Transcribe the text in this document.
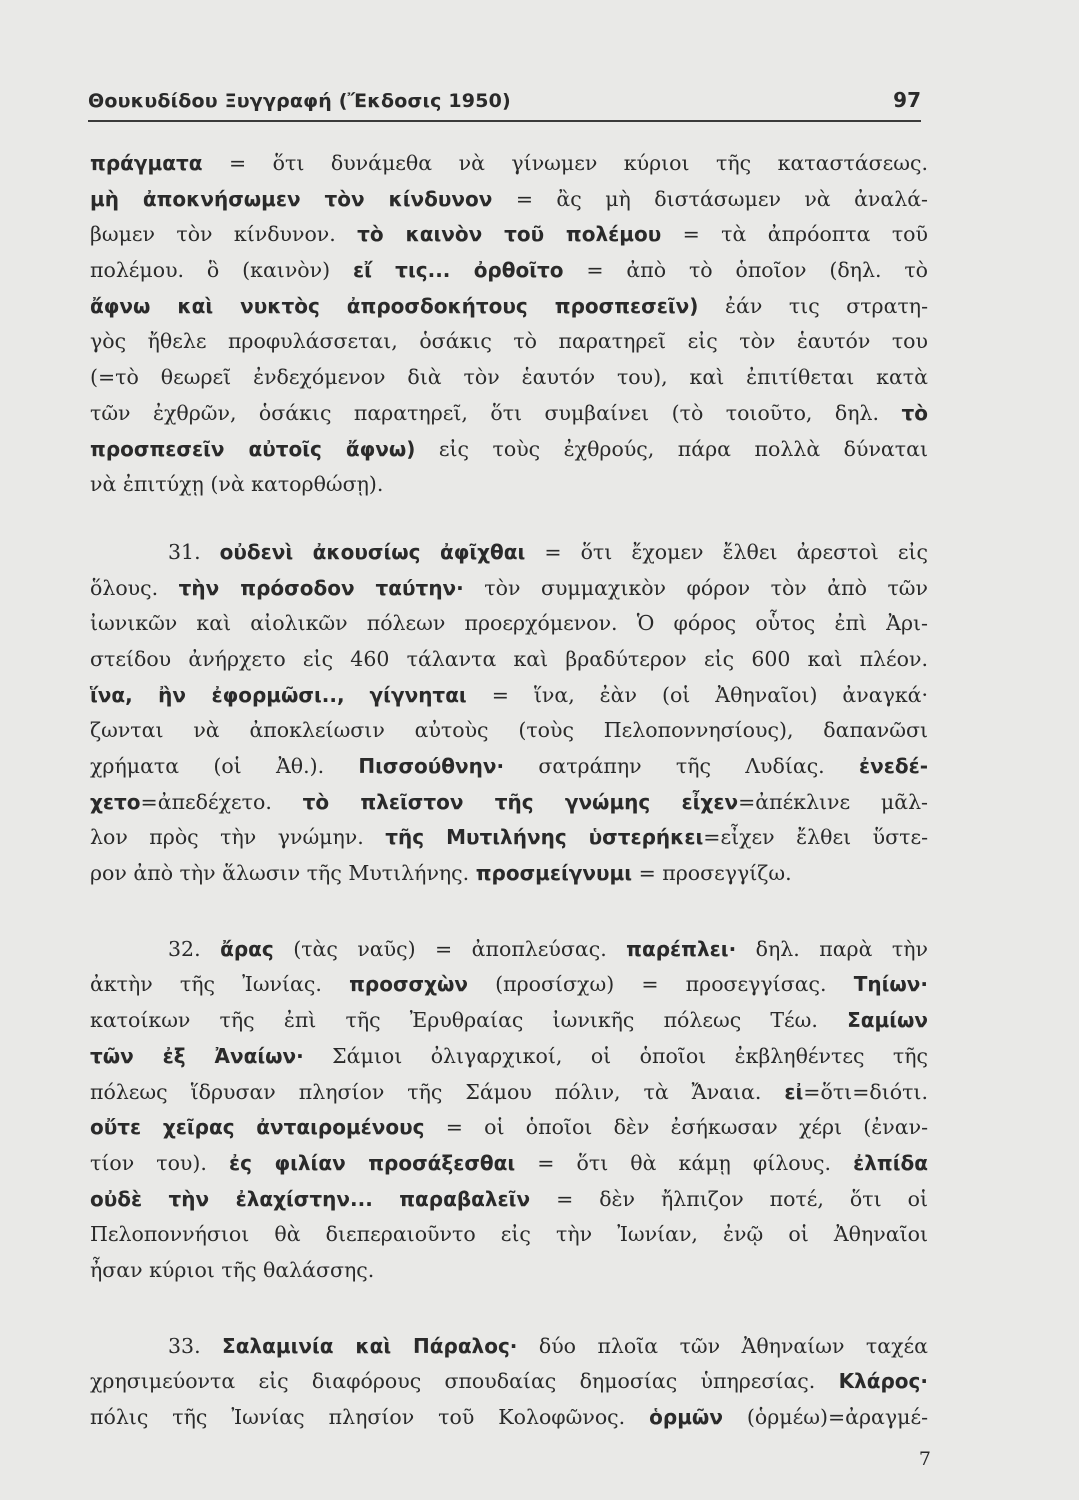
Θουκυδίδου Ξυγγραφή (Ἔκδοσις 1950)	97
πράγματα = ὅτι δυνάμεθα νὰ γίνωμεν κύριοι τῆς καταστάσεως.
μὴ ἀποκνήσωμεν τὸν κίνδυνον = ἂς μὴ διστάσωμεν νὰ ἀναλά-
βωμεν τὸν κίνδυνον. τὸ καινὸν τοῦ πολέμου = τὰ ἀπρόοπτα τοῦ
πολέμου. ὃ (καινὸν) εἴ τις... ὀρθοῖτο = ἀπὸ τὸ ὁποῖον (δηλ. τὸ
ἄφνω καὶ νυκτὸς ἀπροσδοκήτους προσπεσεῖν) ἐάν τις στρατη-
γὸς ἤθελε προφυλάσσεται, ὁσάκις τὸ παρατηρεῖ εἰς τὸν ἑαυτόν του
(=τὸ θεωρεῖ ἐνδεχόμενον διὰ τὸν ἑαυτόν του), καὶ ἐπιτίθεται κατὰ
τῶν ἐχθρῶν, ὁσάκις παρατηρεῖ, ὅτι συμβαίνει (τὸ τοιοῦτο, δηλ. τὸ
προσπεσεῖν αὐτοῖς ἄφνω) εἰς τοὺς ἐχθρούς, πάρα πολλὰ δύναται
νὰ ἐπιτύχῃ (νὰ κατορθώσῃ).
31. οὐδενὶ ἀκουσίως ἀφῖχθαι = ὅτι ἔχομεν ἔλθει ἀρεστοὶ εἰς
ὅλους. τὴν πρόσοδον ταύτην· τὸν συμμαχικὸν φόρον τὸν ἀπὸ τῶν
ἰωνικῶν καὶ αἰολικῶν πόλεων προερχόμενον. Ὁ φόρος οὗτος ἐπὶ Ἀρι-
στείδου ἀνήρχετο εἰς 460 τάλαντα καὶ βραδύτερον εἰς 600 καὶ πλέον.
ἵνα, ἢν ἐφορμῶσι.., γίγνηται = ἵνα, ἐὰν (οἱ Ἀθηναῖοι) ἀναγκά·
ζωνται νὰ ἀποκλείωσιν αὐτοὺς (τοὺς Πελοποννησίους), δαπανῶσι
χρήματα (οἱ Ἀθ.). Πισσούθνην· σατράπην τῆς Λυδίας. ἐνεδέ-
χετο=ἀπεδέχετο. τὸ πλεῖστον τῆς γνώμης εἶχεν=ἀπέκλινε μᾶλ-
λον πρὸς τὴν γνώμην. τῆς Μυτιλήνης ὑστερήκει=εἶχεν ἔλθει ὕστε-
ρον ἀπὸ τὴν ἅλωσιν τῆς Μυτιλήνης. προσμείγνυμι = προσεγγίζω.
32. ἄρας (τὰς ναῦς) = ἀποπλεύσας. παρέπλει· δηλ. παρὰ τὴν
ἀκτὴν τῆς Ἰωνίας. προσσχὼν (προσίσχω) = προσεγγίσας. Τηίων·
κατοίκων τῆς ἐπὶ τῆς Ἐρυθραίας ἰωνικῆς πόλεως Τέω. Σαμίων
τῶν ἐξ Ἀναίων· Σάμιοι ὀλιγαρχικοί, οἱ ὁποῖοι ἐκβληθέντες τῆς
πόλεως ἵδρυσαν πλησίον τῆς Σάμου πόλιν, τὰ Ἄναια. εἰ=ὅτι=διότι.
οὔτε χεῖρας ἀνταιρομένους = οἱ ὁποῖοι δὲν ἐσήκωσαν χέρι (ἐναν-
τίον του). ἐς φιλίαν προσάξεσθαι = ὅτι θὰ κάμῃ φίλους. ἐλπίδα
οὐδὲ τὴν ἐλαχίστην... παραβαλεῖν = δὲν ἤλπιζον ποτέ, ὅτι οἱ
Πελοποννήσιοι θὰ διεπεραιοῦντο εἰς τὴν Ἰωνίαν, ἐνῷ οἱ Ἀθηναῖοι
ἦσαν κύριοι τῆς θαλάσσης.
33. Σαλαμινία καὶ Πάραλος· δύο πλοῖα τῶν Ἀθηναίων ταχέα
χρησιμεύοντα εἰς διαφόρους σπουδαίας δημοσίας ὑπηρεσίας. Κλάρος·
πόλις τῆς Ἰωνίας πλησίον τοῦ Κολοφῶνος. ὁρμῶν (ὁρμέω)=ἀραγμέ-
7
